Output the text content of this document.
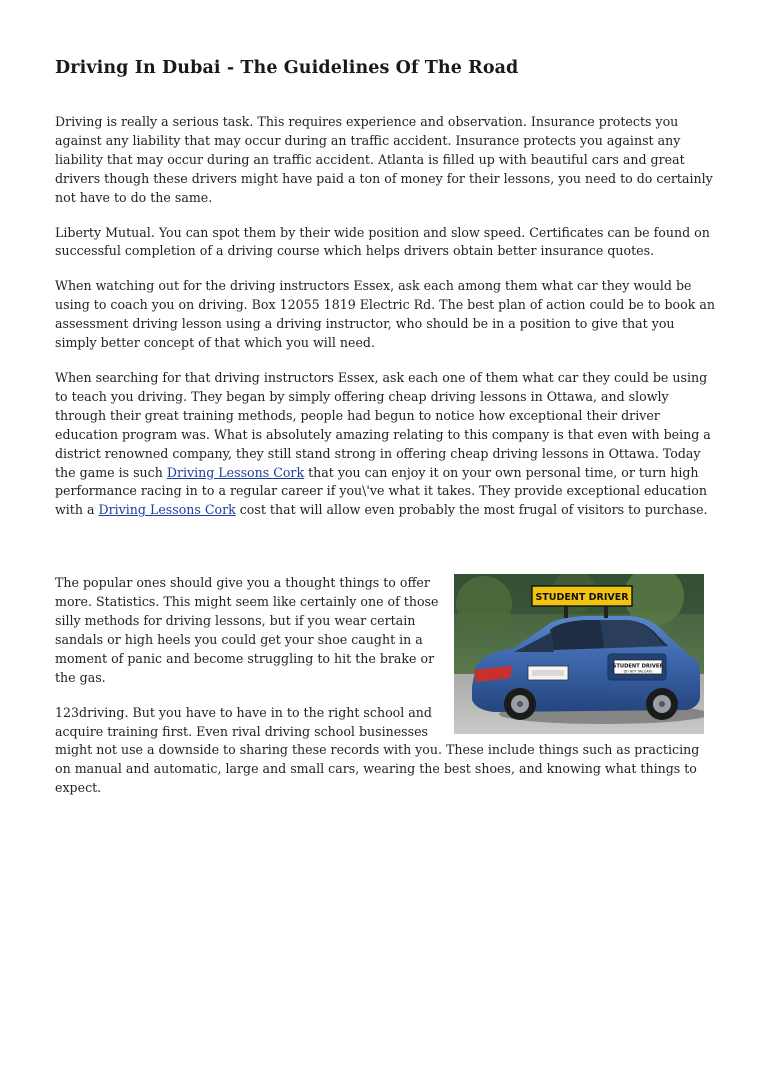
Driving In Dubai - The Guidelines Of The Road

Driving is really a serious task. This requires experience and observation. Insurance protects you against any liability that may occur during an traffic accident. Insurance protects you against any liability that may occur during an traffic accident. Atlanta is filled up with beautiful cars and great drivers though these drivers might have paid a ton of money for their lessons, you need to do certainly not have to do the same.

Liberty Mutual. You can spot them by their wide position and slow speed. Certificates can be found on successful completion of a driving course which helps drivers obtain better insurance quotes.

When watching out for the driving instructors Essex, ask each among them what car they would be using to coach you on driving. Box 12055 1819 Electric Rd. The best plan of action could be to book an assessment driving lesson using a driving instructor, who should be in a position to give that you simply better concept of that which you will need.

When searching for that driving instructors Essex, ask each one of them what car they could be using to teach you driving. They began by simply offering cheap driving lessons in Ottawa, and slowly through their great training methods, people had begun to notice how exceptional their driver education program was. What is absolutely amazing relating to this company is that even with being a district renowned company, they still stand strong in offering cheap driving lessons in Ottawa. Today the game is such Driving Lessons Cork that you can enjoy it on your own personal time, or turn high performance racing in to a regular career if you\'ve what it takes. They provide exceptional education with a Driving Lessons Cork cost that will allow even probably the most frugal of visitors to purchase.

STUDENT DRIVER
DO NOT TAILGATE
STUDENT DRIVER

The popular ones should give you a thought things to offer more. Statistics. This might seem like certainly one of those silly methods for driving lessons, but if you wear certain sandals or high heels you could get your shoe caught in a moment of panic and become struggling to hit the brake or the gas.

123driving. But you have to have in to the right school and acquire training first. Even rival driving school businesses might not use a downside to sharing these records with you. These include things such as practicing on manual and automatic, large and small cars, wearing the best shoes, and knowing what things to expect.
